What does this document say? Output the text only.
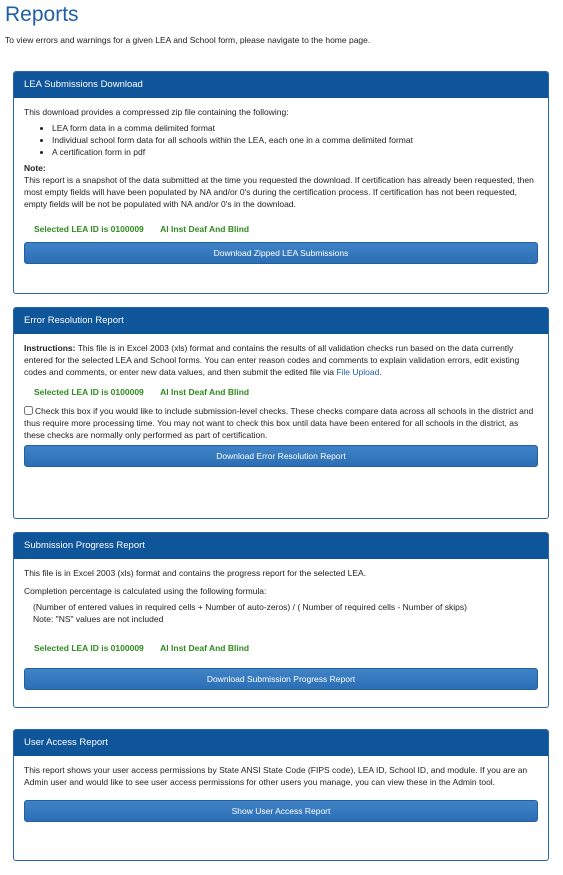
Reports

To view errors and warnings for a given LEA and School form, please navigate to the home page.

LEA Submissions Download

This download provides a compressed zip file containing the following:

• LEA form data in a comma delimited format
• Individual school form data for all schools within the LEA, each one in a comma delimited format
• A certification form in pdf
Note:

This report is a snapshot of the data submitted at the time you requested the download. If certification has already been requested, then most empty fields will have been populated by NA and/or 0's during the certification process. If certification has not been requested, empty fields will be not be populated with NA and/or 0's in the download.

Selected LEA ID is 0100009 Al Inst Deaf And Blind
Download Zipped LEA Submissions
Error Resolution Report

Instructions: This file is in Excel 2003 (xls) format and contains the results of all validation checks run based on the data currently entered for the selected LEA and School forms. You can enter reason codes and comments to explain validation errors, edit existing codes and comments, or enter new data values, and then submit the edited file via File Upload.

Selected LEA ID is 0100009 Al Inst Deaf And Blind

Check this box if you would like to include submission-level checks. These checks compare data across all schools in the district and thus require more processing time. You may not want to check this box until data have been entered for all schools in the district, as these checks are normally only performed as part of certification.

Download Error Resolution Report
Submission Progress Report

This file is in Excel 2003 (xls) format and contains the progress report for the selected LEA.

Completion percentage is calculated using the following formula:

(Number of entered values in required cells + Number of auto-zeros) / ( Number of required cells - Number of skips)
Note: "NS" values are not included
Selected LEA ID is 0100009 Al Inst Deaf And Blind
Download Submission Progress Report
User Access Report

This report shows your user access permissions by State ANSI State Code (FIPS code), LEA ID, School ID, and module. If you are an Admin user and would like to see user access permissions for other users you manage, you can view these in the Admin tool.

Show User Access Report
